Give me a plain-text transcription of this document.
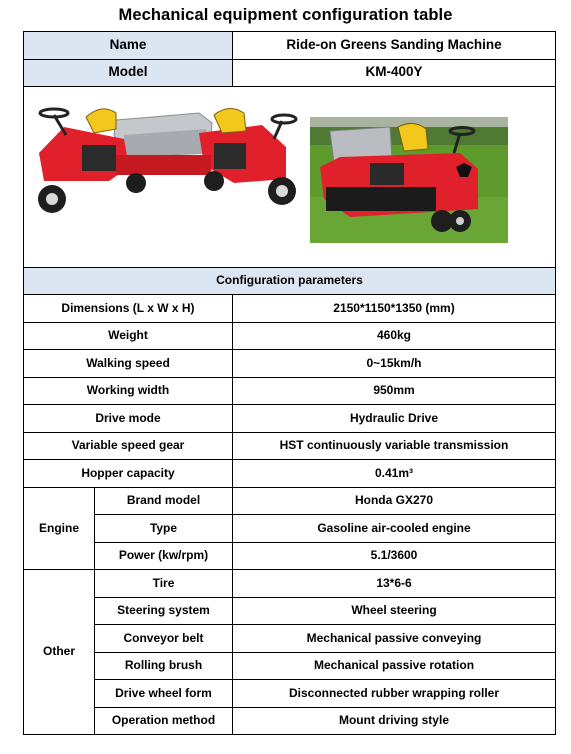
Mechanical equipment configuration table
Name		Ride-on Greens Sanding Machine
Model		KM-400Y

Configuration parameters		
Dimensions (L x W x H)		2150*1150*1350 (mm)
Weight		460kg
Walking speed		0~15km/h
Working width		950mm
Drive mode		Hydraulic Drive
Variable speed gear		HST continuously variable transmission
Hopper capacity		0.41m³
Engine	Brand model	Honda GX270
	Type	Gasoline air-cooled engine
	Power (kw/rpm)	5.1/3600
Other	Tire	13*6-6
	Steering system	Wheel steering
	Conveyor belt	Mechanical passive conveying
	Rolling brush	Mechanical passive rotation
	Drive wheel form	Disconnected rubber wrapping roller
	Operation method	Mount driving style
